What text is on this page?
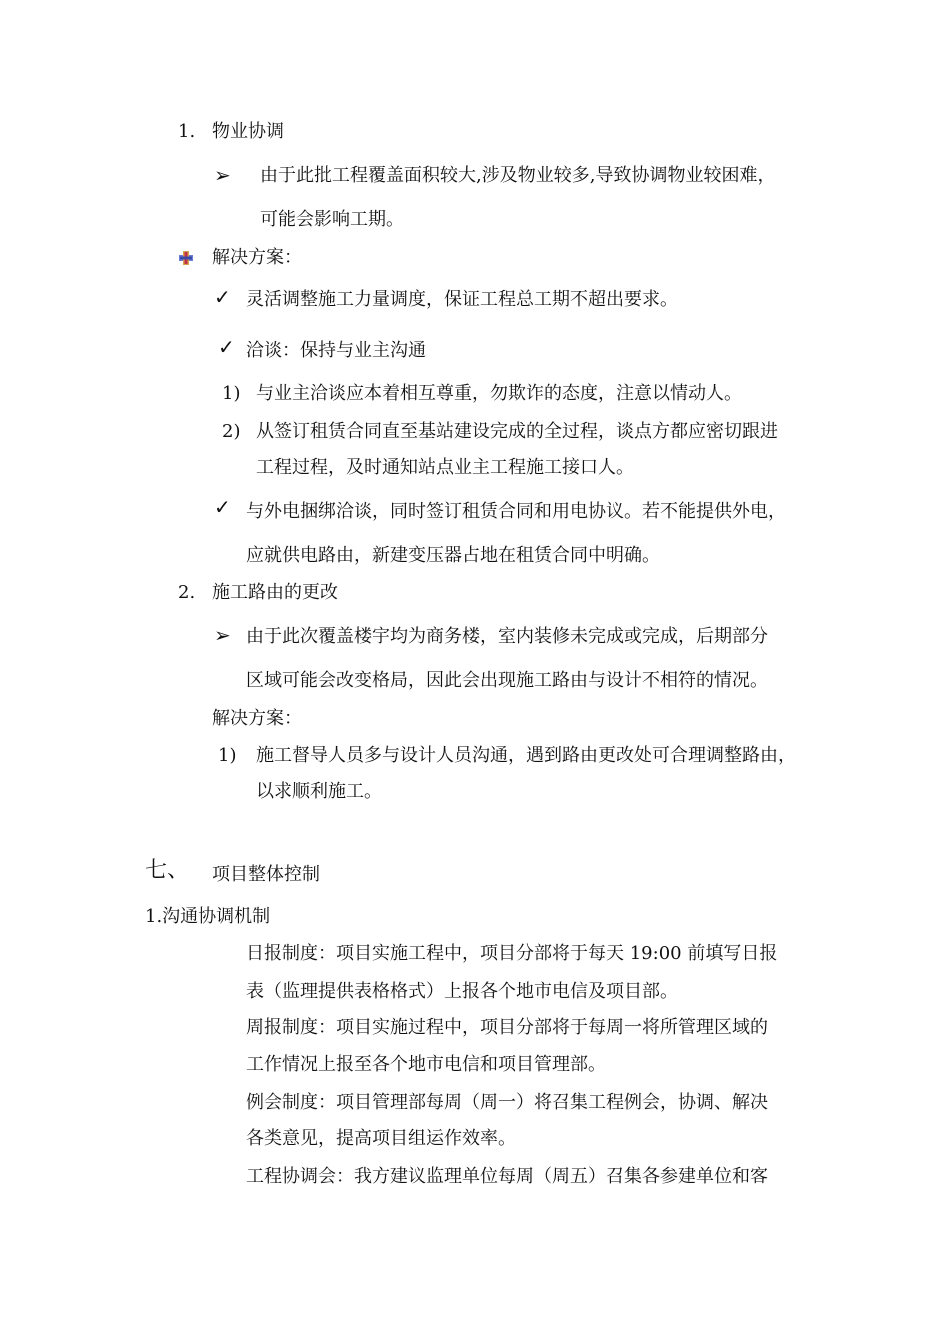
1. 物业协调
➢ 由于此批工程覆盖面积较大,涉及物业较多,导致协调物业较困难，
可能会影响工期。
解决方案：
✓ 灵活调整施工力量调度，保证工程总工期不超出要求。
✓ 洽谈：保持与业主沟通
1) 与业主洽谈应本着相互尊重，勿欺诈的态度，注意以情动人。
2) 从签订租赁合同直至基站建设完成的全过程，谈点方都应密切跟进
工程过程，及时通知站点业主工程施工接口人。
✓ 与外电捆绑洽谈，同时签订租赁合同和用电协议。若不能提供外电，
应就供电路由，新建变压器占地在租赁合同中明确。
2. 施工路由的更改
➢ 由于此次覆盖楼宇均为商务楼，室内装修未完成或完成，后期部分
区域可能会改变格局，因此会出现施工路由与设计不相符的情况。
解决方案：
1) 施工督导人员多与设计人员沟通，遇到路由更改处可合理调整路由，
以求顺利施工。
七、 项目整体控制
1.沟通协调机制
日报制度：项目实施工程中，项目分部将于每天 19:00 前填写日报
表（监理提供表格格式）上报各个地市电信及项目部。
周报制度：项目实施过程中，项目分部将于每周一将所管理区域的
工作情况上报至各个地市电信和项目管理部。
例会制度：项目管理部每周（周一）将召集工程例会，协调、解决
各类意见，提高项目组运作效率。
工程协调会：我方建议监理单位每周（周五）召集各参建单位和客
